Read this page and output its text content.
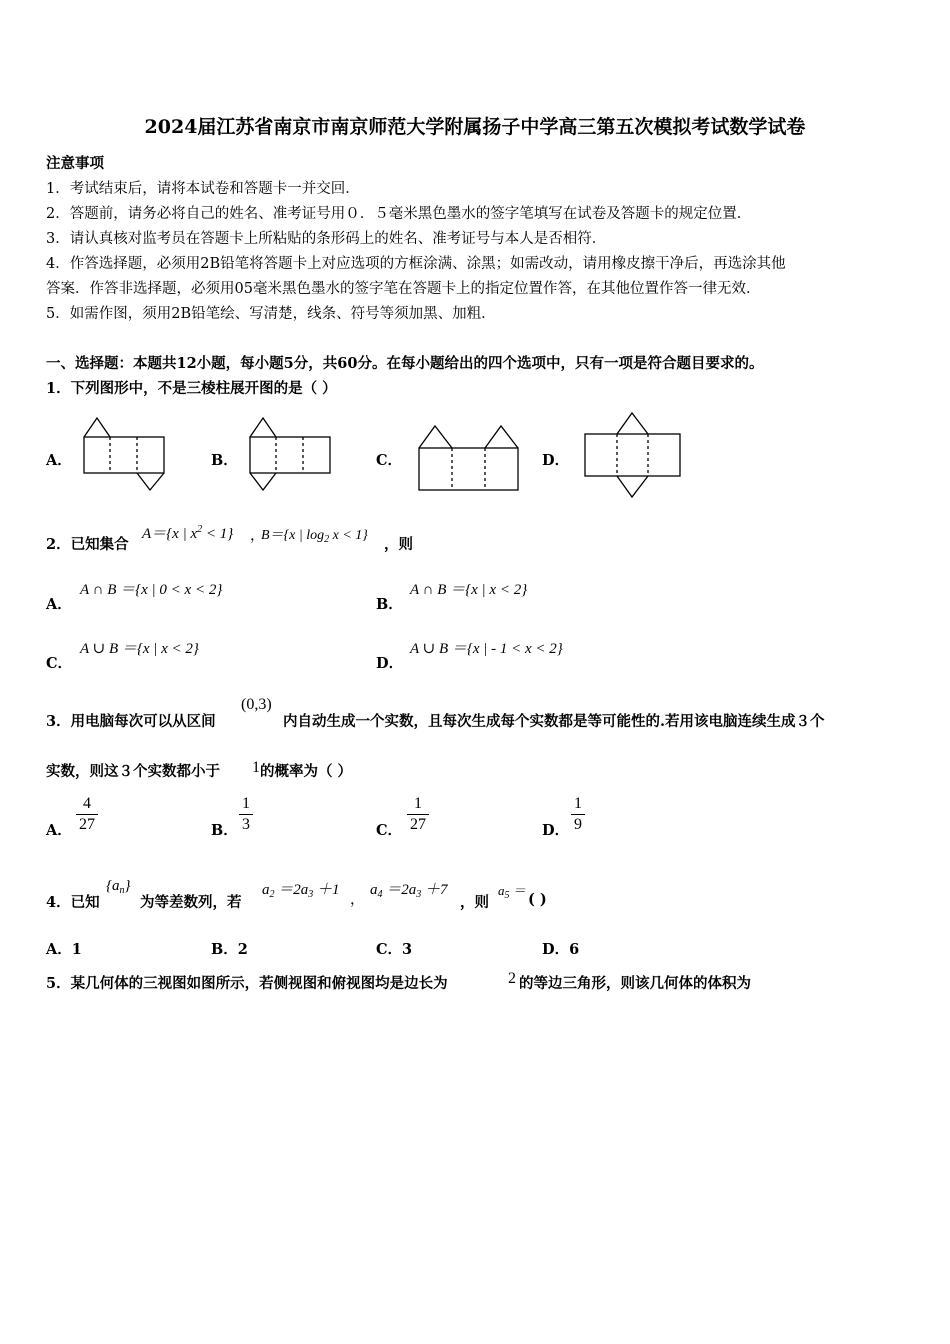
2024届江苏省南京市南京师范大学附属扬子中学高三第五次模拟考试数学试卷
注意事项
1．考试结束后，请将本试卷和答题卡一并交回．
2．答题前，请务必将自己的姓名、准考证号用０．５毫米黑色墨水的签字笔填写在试卷及答题卡的规定位置．
3．请认真核对监考员在答题卡上所粘贴的条形码上的姓名、准考证号与本人是否相符．
4．作答选择题，必须用2B铅笔将答题卡上对应选项的方框涂满、涂黑；如需改动，请用橡皮擦干净后，再选涂其他
答案．作答非选择题，必须用05毫米黑色墨水的签字笔在答题卡上的指定位置作答，在其他位置作答一律无效．
5．如需作图，须用2B铅笔绘、写清楚，线条、符号等须加黑、加粗．
一、选择题：本题共12小题，每小题5分，共60分。在每小题给出的四个选项中，只有一项是符合题目要求的。
1．下列图形中，不是三棱柱展开图的是（ ）
A．	B．	C．	D．
2．已知集合
A＝{x | $x^2 < 1$} ，
B＝{x | $\log_2 x < 1$}
，则
A．
A ∩ B ＝{x | 0 < x < 2}
B．
A ∩ B ＝{x | x < 2}
C．
A ∪ B ＝{x | x < 2}
D．
A ∪ B ＝{x | - 1 < x < 2}
3．用电脑每次可以从区间
(0,3)
内自动生成一个实数，且每次生成每个实数都是等可能性的.若用该电脑连续生成３个
实数，则这３个实数都小于 1 的概率为（ ）
A．
4
27	B．
1
3	C．
1
27	D．
1
9
4．已知
$\{a_n\}$
为等差数列，若
$a_2 =2a_3 +1$
，
$a_4 =2a_3 +7$
，则
$a_5$ ＝
( )
A．1	B．2	C．3	D．6
5．某几何体的三视图如图所示，若侧视图和俯视图均是边长为	2 的等边三角形，则该几何体的体积为
